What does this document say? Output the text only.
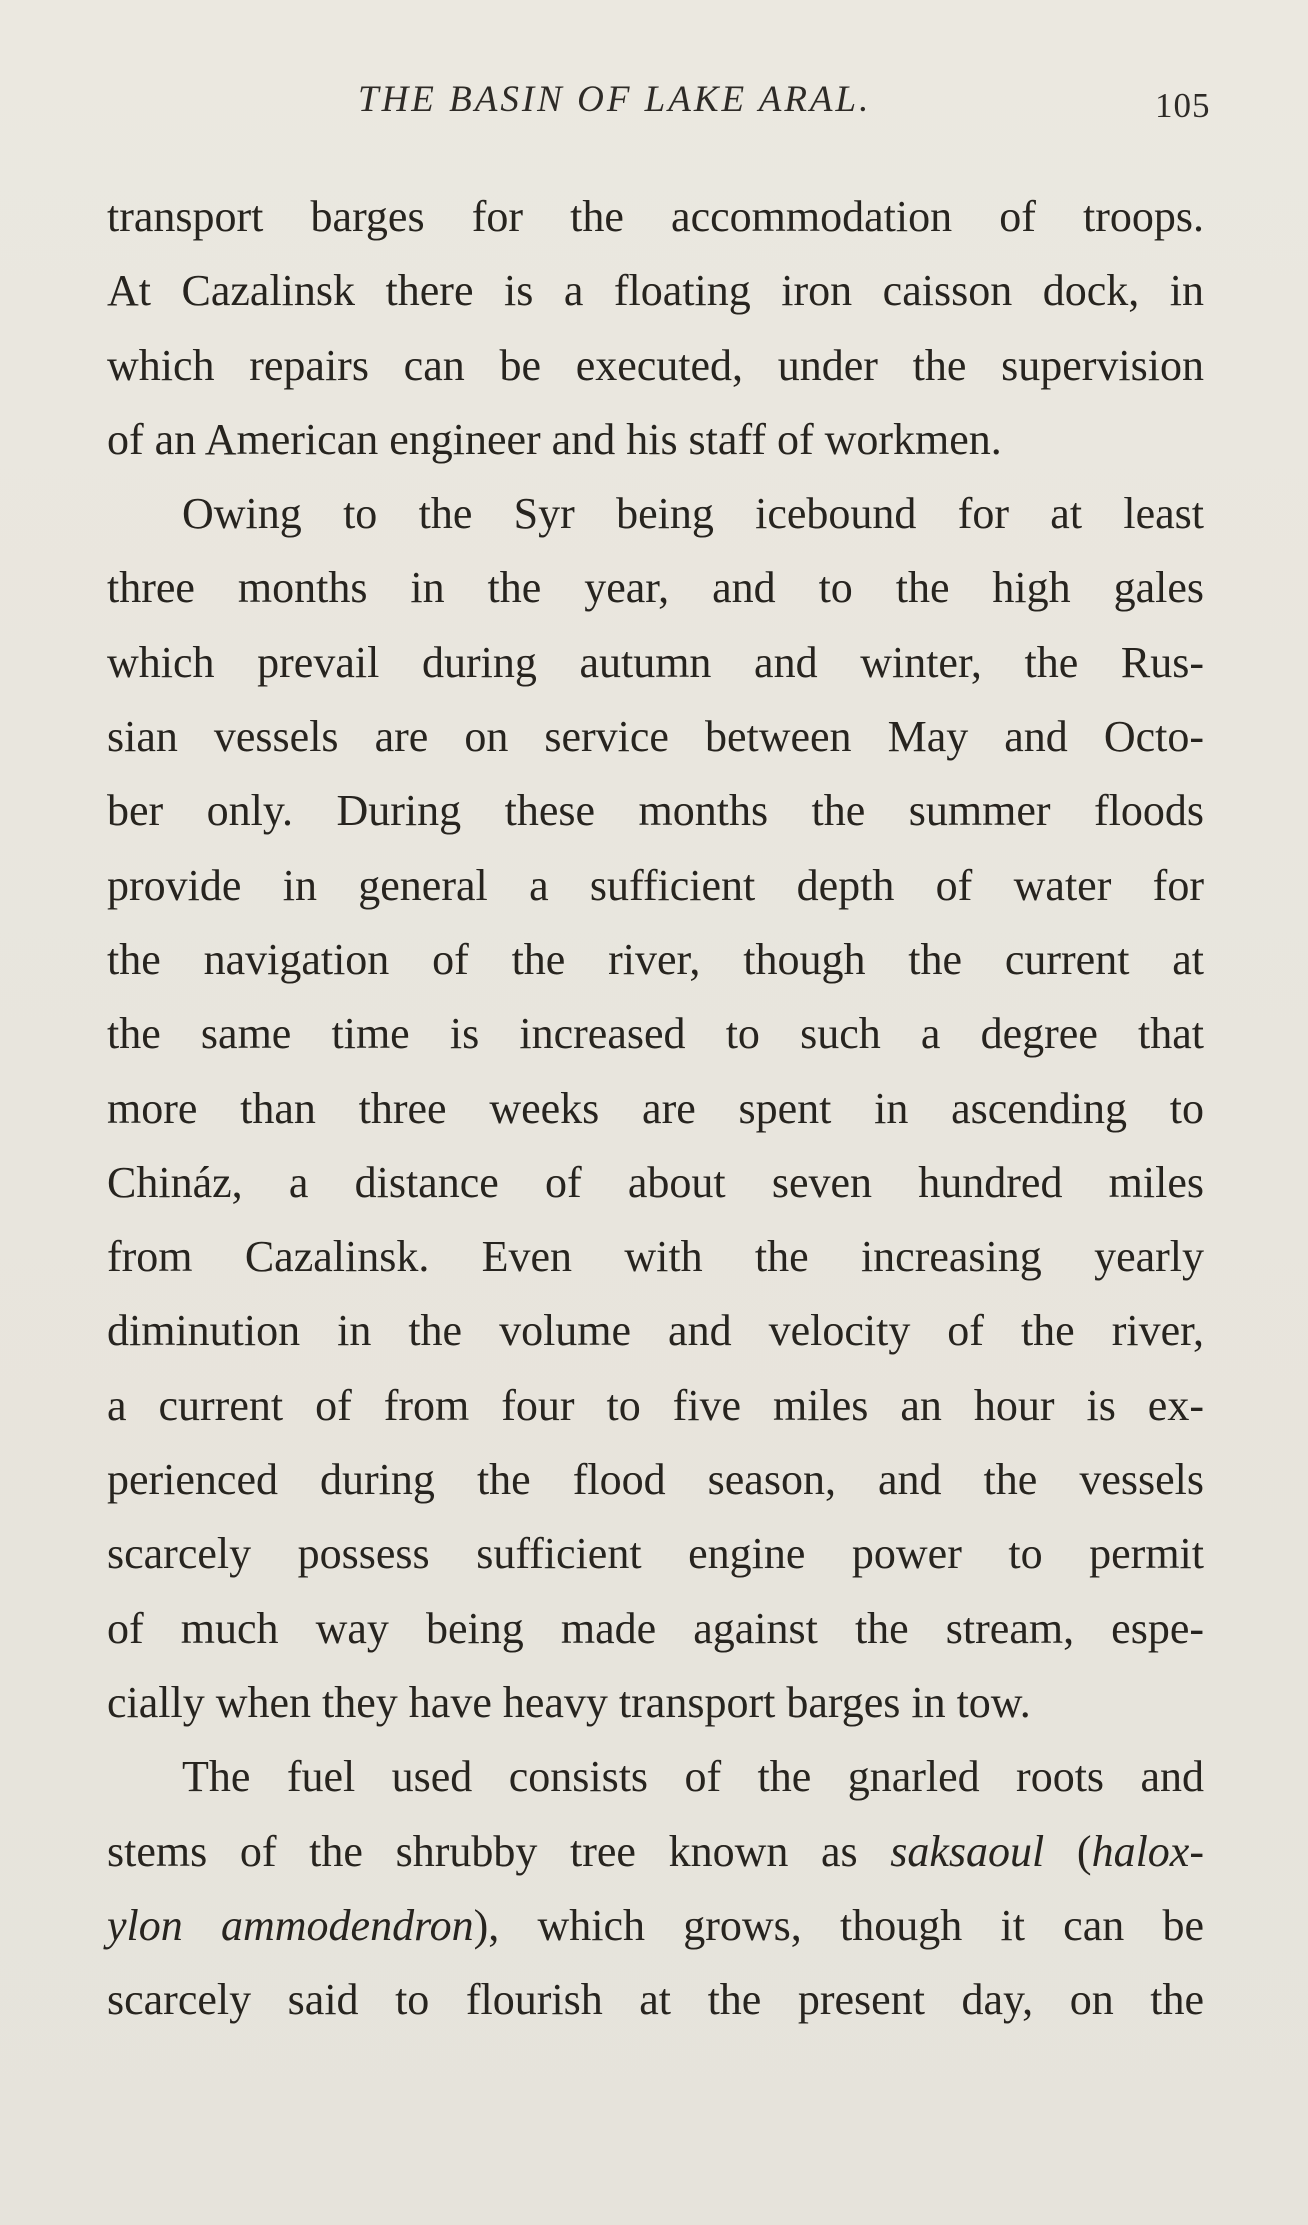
THE BASIN OF LAKE ARAL.	105
transport barges for the accommodation of troops.
At Cazalinsk there is a floating iron caisson dock, in
which repairs can be executed, under the supervision
of an American engineer and his staff of workmen.
Owing to the Syr being icebound for at least
three months in the year, and to the high gales
which prevail during autumn and winter, the Rus-
sian vessels are on service between May and Octo-
ber only. During these months the summer floods
provide in general a sufficient depth of water for
the navigation of the river, though the current at
the same time is increased to such a degree that
more than three weeks are spent in ascending to
Chináz, a distance of about seven hundred miles
from Cazalinsk. Even with the increasing yearly
diminution in the volume and velocity of the river,
a current of from four to five miles an hour is ex-
perienced during the flood season, and the vessels
scarcely possess sufficient engine power to permit
of much way being made against the stream, espe-
cially when they have heavy transport barges in tow.
The fuel used consists of the gnarled roots and
stems of the shrubby tree known as saksaoul (halox-
ylon ammodendron), which grows, though it can be
scarcely said to flourish at the present day, on the
